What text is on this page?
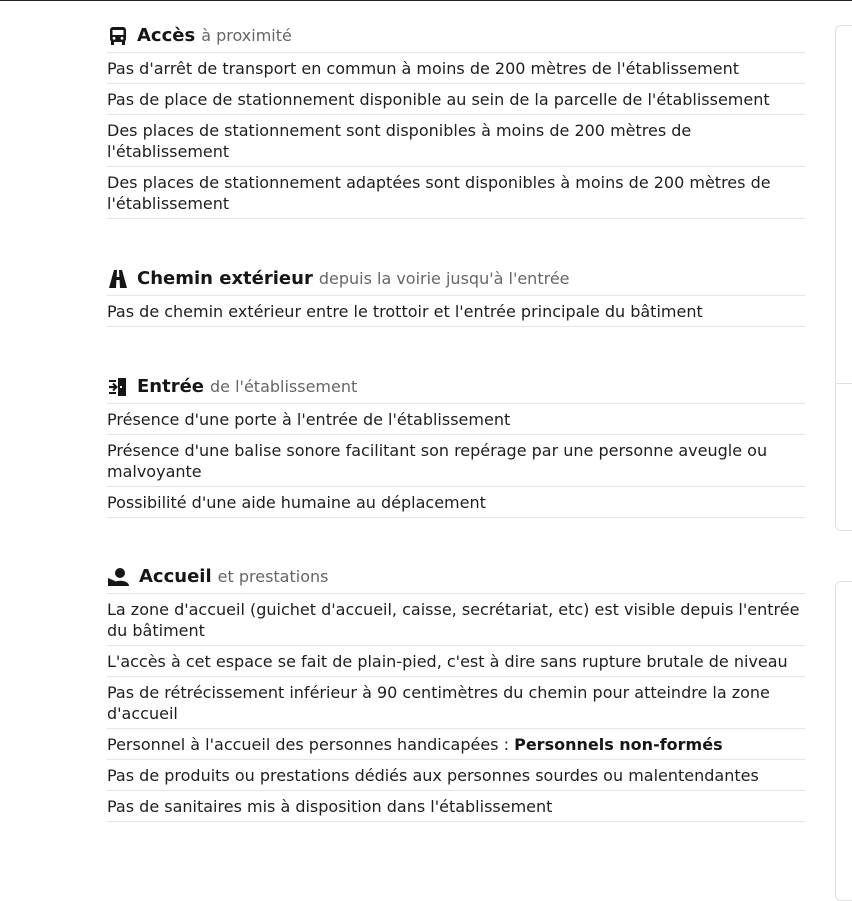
Accès à proximité
Pas d'arrêt de transport en commun à moins de 200 mètres de l'établissement
Pas de place de stationnement disponible au sein de la parcelle de l'établissement
Des places de stationnement sont disponibles à moins de 200 mètres de l'établissement
Des places de stationnement adaptées sont disponibles à moins de 200 mètres de l'établissement
Chemin extérieur depuis la voirie jusqu'à l'entrée
Pas de chemin extérieur entre le trottoir et l'entrée principale du bâtiment
Entrée de l'établissement
Présence d'une porte à l'entrée de l'établissement
Présence d'une balise sonore facilitant son repérage par une personne aveugle ou malvoyante
Possibilité d'une aide humaine au déplacement
Accueil et prestations
La zone d'accueil (guichet d'accueil, caisse, secrétariat, etc) est visible depuis l'entrée du bâtiment
L'accès à cet espace se fait de plain-pied, c'est à dire sans rupture brutale de niveau
Pas de rétrécissement inférieur à 90 centimètres du chemin pour atteindre la zone d'accueil
Personnel à l'accueil des personnes handicapées : Personnels non-formés
Pas de produits ou prestations dédiés aux personnes sourdes ou malentendantes
Pas de sanitaires mis à disposition dans l'établissement
